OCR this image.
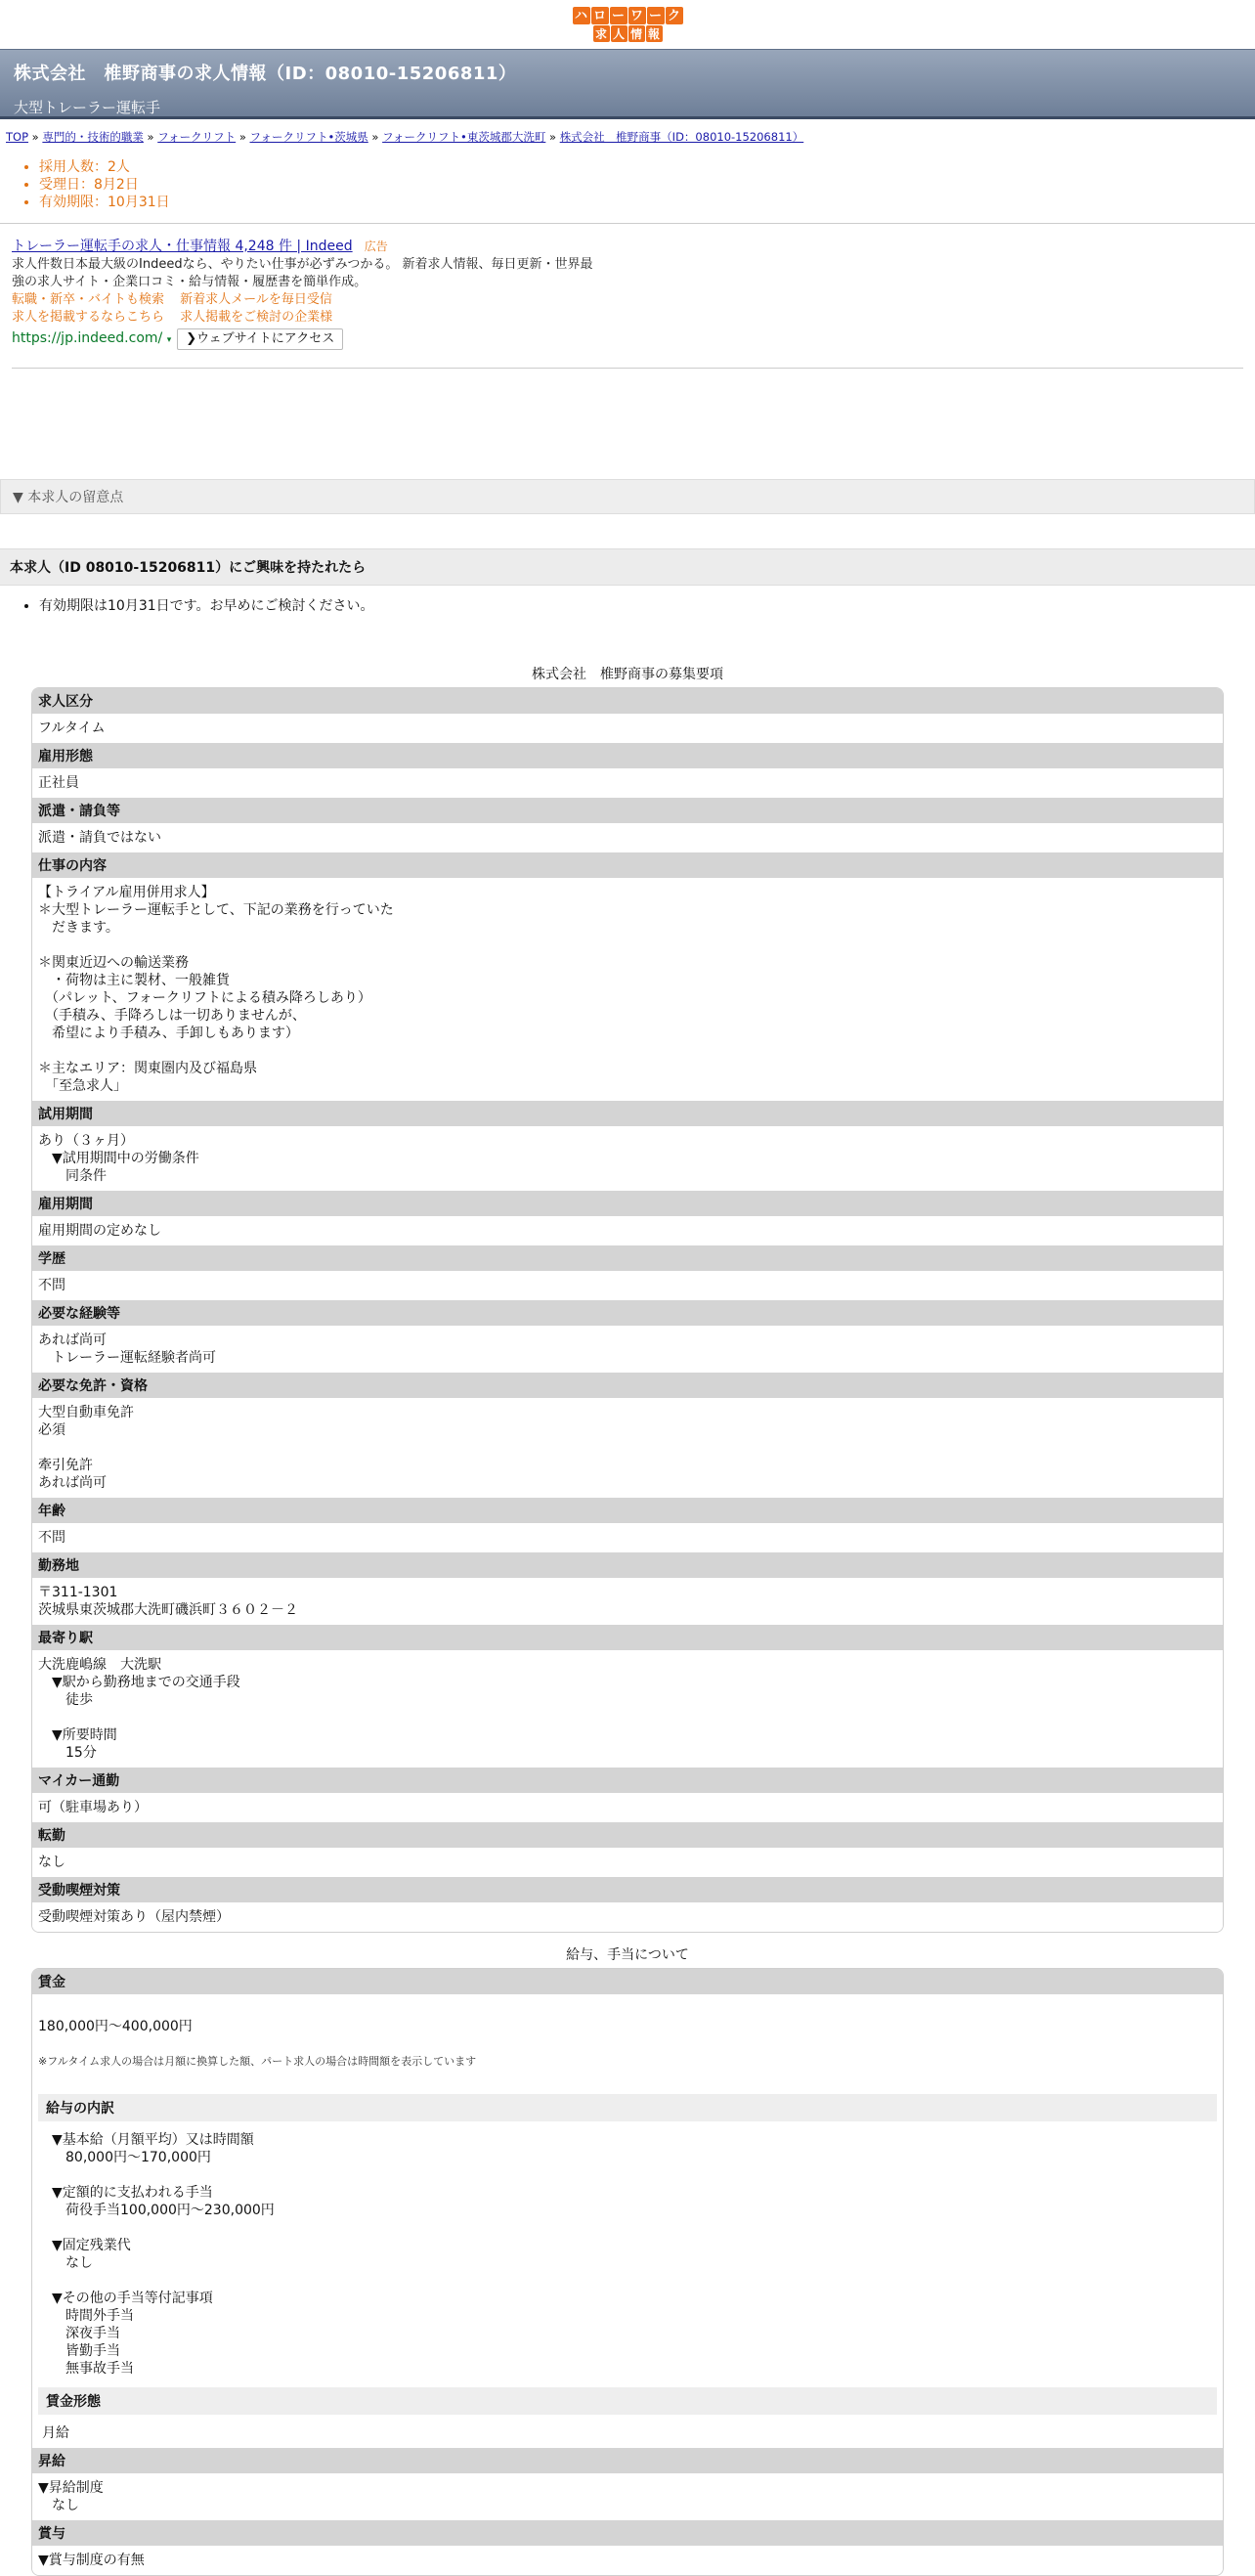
ハ ロ ー ワ ー ク
求 人 情 報
株式会社　椎野商事の求人情報（ID：08010-15206811）
大型トレーラー運転手
TOP » 専門的・技術的職業 » フォークリフト » フォークリフト•茨城県 » フォークリフト•東茨城郡大洗町 » 株式会社　椎野商事（ID：08010-15206811）
• 採用人数：2人
• 受理日：8月2日
• 有効期限：10月31日
トレーラー運転手の求人・仕事情報 4,248 件 | Indeed 広告
求人件数日本最大級のIndeedなら、やりたい仕事が必ずみつかる。 新着求人情報、毎日更新・世界最
強の求人サイト・企業口コミ・給与情報・履歴書を簡単作成。
転職・新卒・バイトも検索 新着求人メールを毎日受信
求人を掲載するならこちら 求人掲載をご検討の企業様
https://jp.indeed.com/ ▾	❯ウェブサイトにアクセス
▼ 本求人の留意点
本求人（ID 08010-15206811）にご興味を持たれたら
• 有効期限は10月31日です。お早めにご検討ください。
株式会社　椎野商事の募集要項
求人区分
フルタイム
雇用形態
正社員
派遣・請負等
派遣・請負ではない
仕事の内容
【トライアル雇用併用求人】
＊大型トレーラー運転手として、下記の業務を行っていた
　だきます。

＊関東近辺への輸送業務
　・荷物は主に製材、一般雑貨
　（パレット、フォークリフトによる積み降ろしあり）
　（手積み、手降ろしは一切ありませんが、
　希望により手積み、手卸しもあります）

＊主なエリア：関東圏内及び福島県
　「至急求人」
試用期間
あり（３ヶ月）
　▼試用期間中の労働条件
　　同条件
雇用期間
雇用期間の定めなし
学歴
不問
必要な経験等
あれば尚可
　トレーラー運転経験者尚可
必要な免許・資格
大型自動車免許
必須

牽引免許
あれば尚可

年齢
不問
勤務地
〒311-1301
茨城県東茨城郡大洗町磯浜町３６０２－２
最寄り駅
大洗鹿嶋線　大洗駅
　▼駅から勤務地までの交通手段
　　徒歩

　▼所要時間
　　15分
マイカー通勤
可（駐車場あり）
転勤
なし
受動喫煙対策
受動喫煙対策あり（屋内禁煙）
給与、手当について
賃金

180,000円〜400,000円

※フルタイム求人の場合は月額に換算した額、パート求人の場合は時間額を表示しています

給与の内訳
　▼基本給（月額平均）又は時間額
　　80,000円〜170,000円

　▼定額的に支払われる手当
　　荷役手当100,000円〜230,000円

　▼固定残業代
　　なし

　▼その他の手当等付記事項
　　時間外手当
　　深夜手当
　　皆勤手当
　　無事故手当
賃金形態
月給
昇給
▼昇給制度
　なし
賞与
▼賞与制度の有無
